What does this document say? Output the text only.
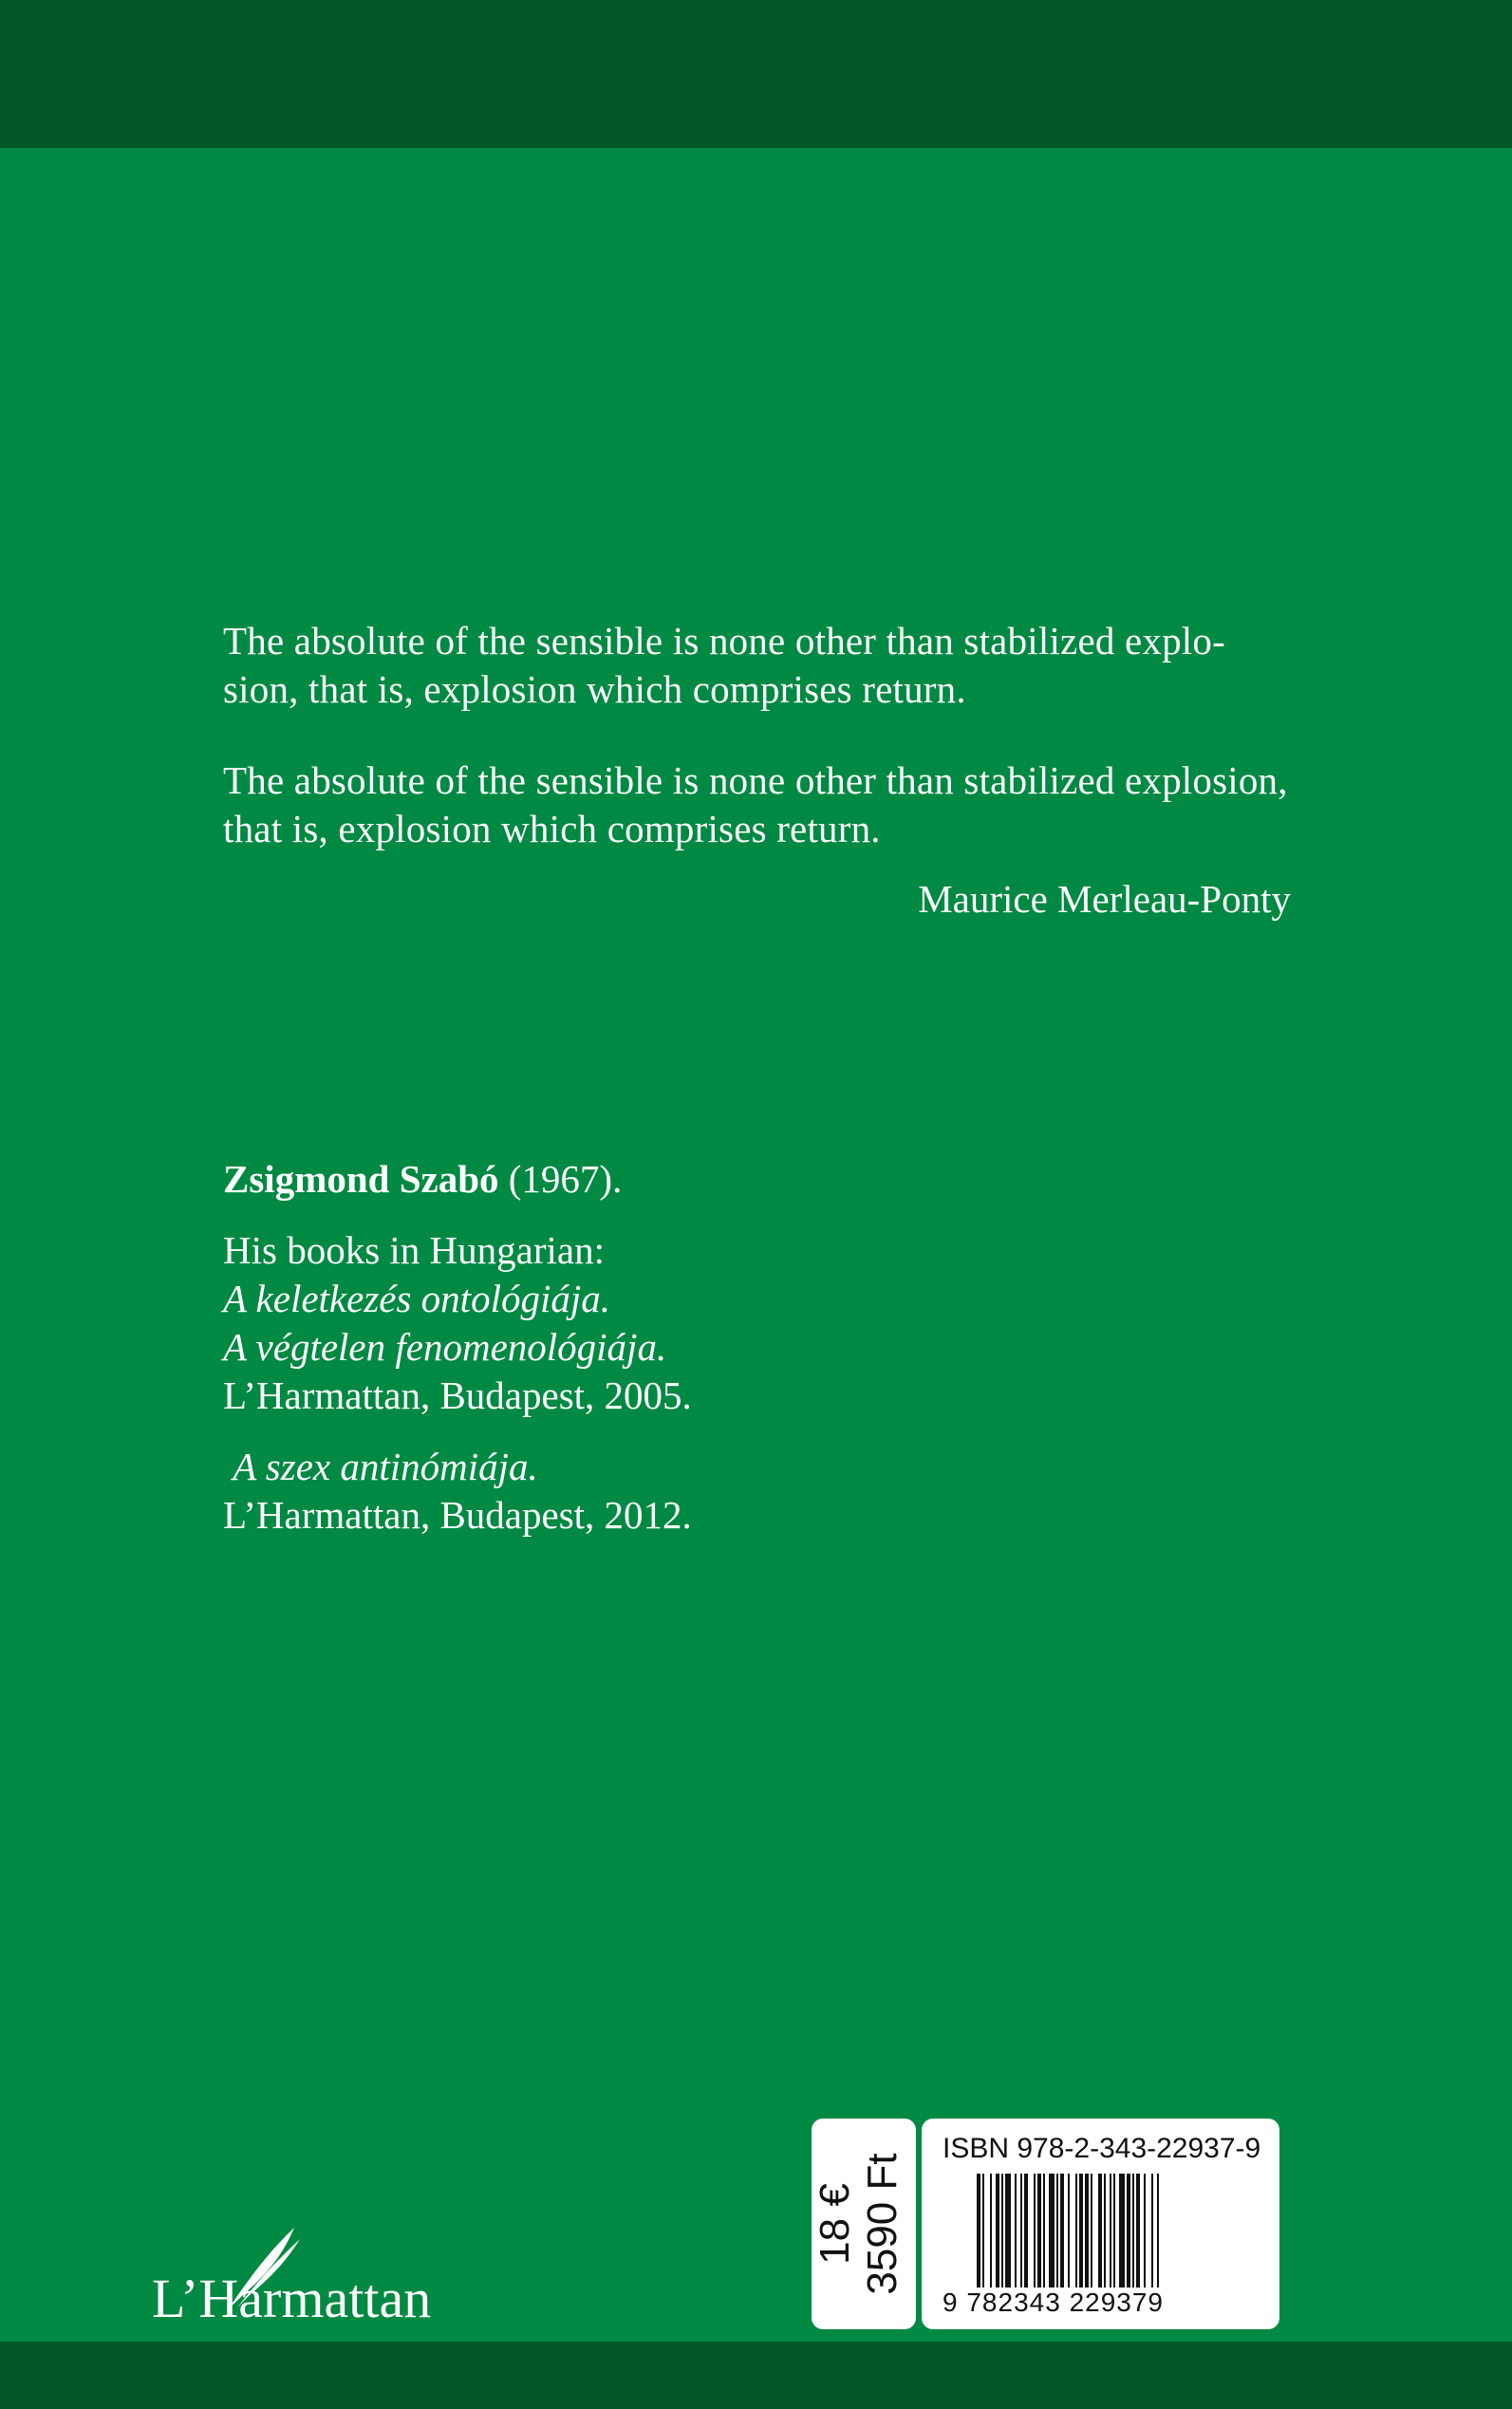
The absolute of the sensible is none other than stabilized explo-
sion, that is, explosion which comprises return.
The absolute of the sensible is none other than stabilized explosion,
that is, explosion which comprises return.
Maurice Merleau-Ponty
Zsigmond Szabó (1967).
His books in Hungarian:
A keletkezés ontológiája.
A végtelen fenomenológiája.
L’Harmattan, Budapest, 2005.
A szex antinómiája.
L’Harmattan, Budapest, 2012.
L’Harmattan
18 € 3590 Ft
ISBN 978-2-343-22937-9
9 782343 229379
